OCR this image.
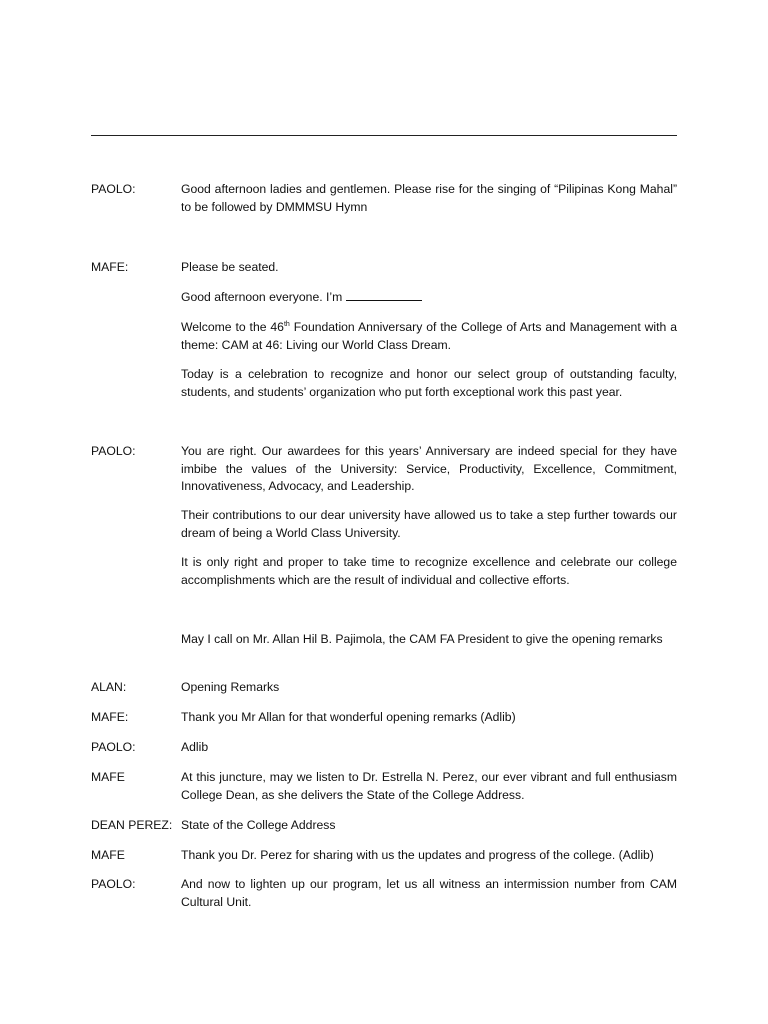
PAOLO:	Good afternoon ladies and gentlemen. Please rise for the singing of “Pilipinas Kong Mahal” to be followed by DMMMSU Hymn

MAFE:	Please be seated.

Good afternoon everyone. I’m

Welcome to the 46th Foundation Anniversary of the College of Arts and Management with a theme: CAM at 46: Living our World Class Dream.

Today is a celebration to recognize and honor our select group of outstanding faculty, students, and students’ organization who put forth exceptional work this past year.

PAOLO:	You are right. Our awardees for this years’ Anniversary are indeed special for they have imbibe the values of the University: Service, Productivity, Excellence, Commitment, Innovativeness, Advocacy, and Leadership.

Their contributions to our dear university have allowed us to take a step further towards our dream of being a World Class University.

It is only right and proper to take time to recognize excellence and celebrate our college accomplishments which are the result of individual and collective efforts.

May I call on Mr. Allan Hil B. Pajimola, the CAM FA President to give the opening remarks

ALAN:	Opening Remarks

MAFE:	Thank you Mr Allan for that wonderful opening remarks (Adlib)

PAOLO:	Adlib

MAFE	At this juncture, may we listen to Dr. Estrella N. Perez, our ever vibrant and full enthusiasm College Dean, as she delivers the State of the College Address.

DEAN PEREZ: State of the College Address

MAFE	Thank you Dr. Perez for sharing with us the updates and progress of the college. (Adlib)

PAOLO:	And now to lighten up our program, let us all witness an intermission number from CAM Cultural Unit.
